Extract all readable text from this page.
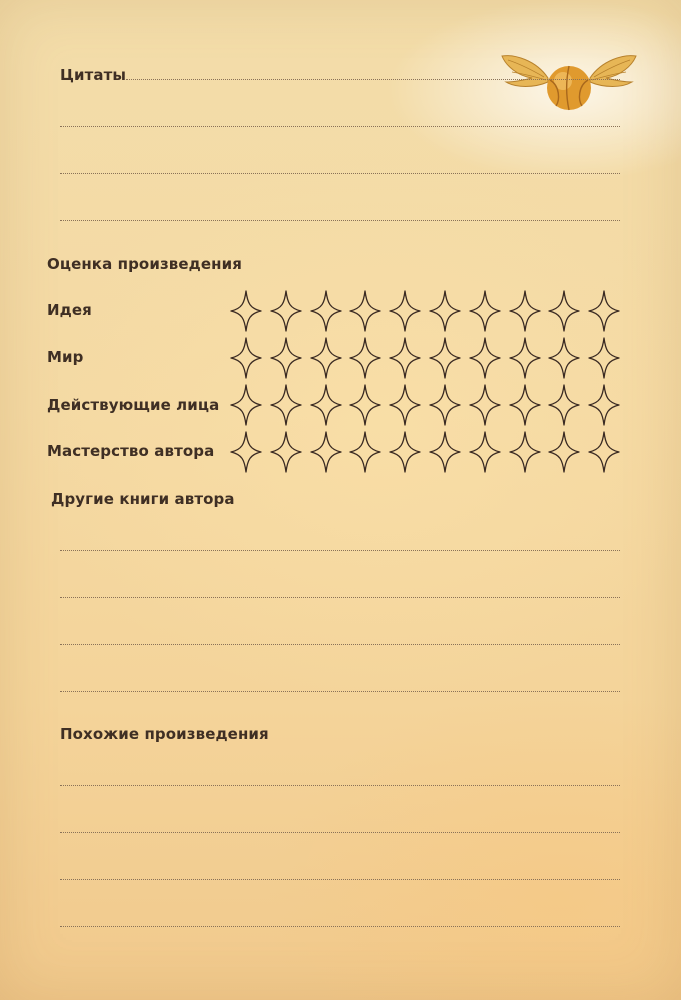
Цитаты
Оценка произведения
Идея
Мир
Действующие лица
Мастерство автора
Другие книги автора
Похожие произведения
